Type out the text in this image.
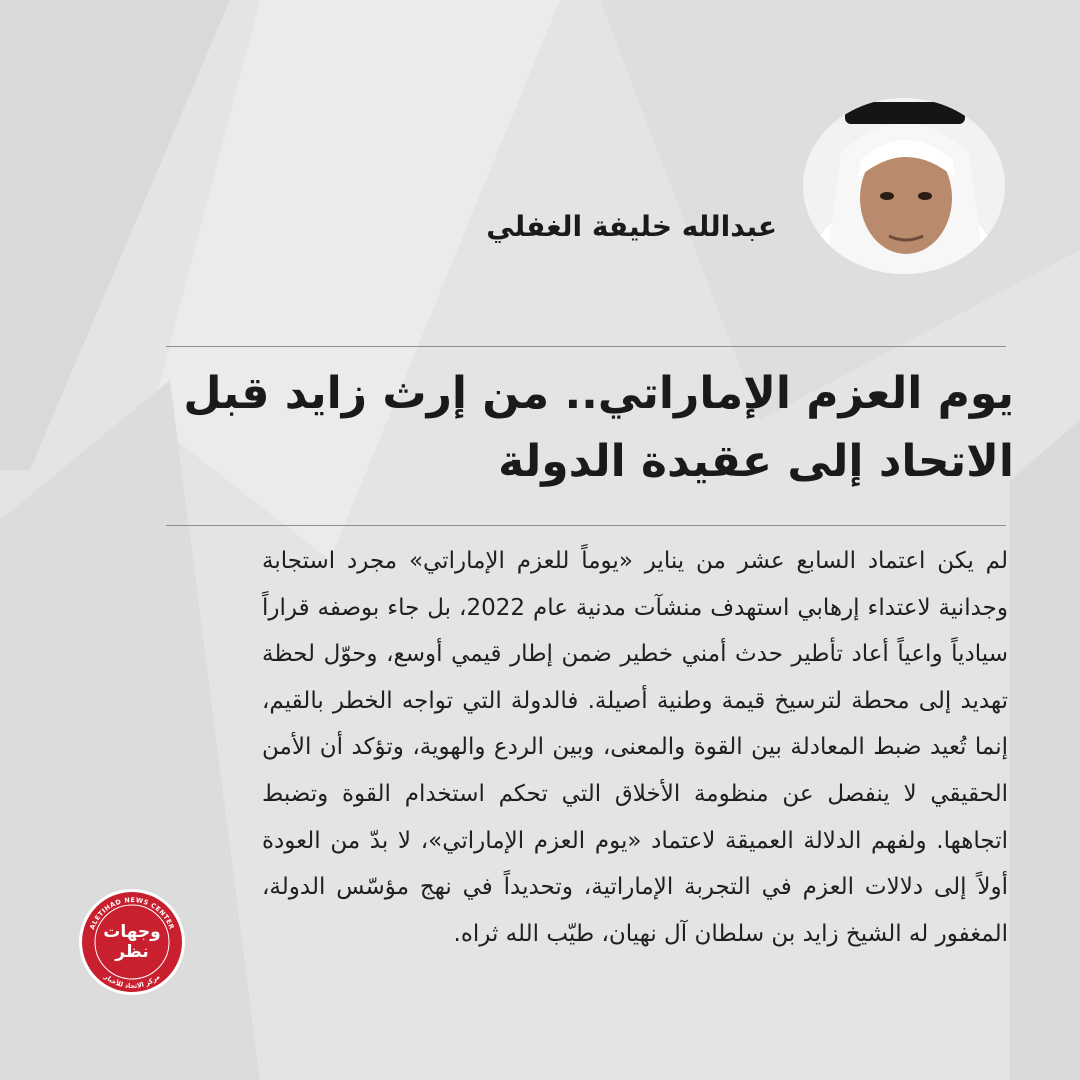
عبدالله خليفة الغفلي
يوم العزم الإماراتي.. من إرث زايد قبل الاتحاد إلى عقيدة الدولة

لم يكن اعتماد السابع عشر من يناير «يوماً للعزم الإماراتي» مجرد استجابة وجدانية لاعتداء إرهابي استهدف منشآت مدنية عام 2022، بل جاء بوصفه قراراً سيادياً واعياً أعاد تأطير حدث أمني خطير ضمن إطار قيمي أوسع، وحوّل لحظة تهديد إلى محطة لترسيخ قيمة وطنية أصيلة. فالدولة التي تواجه الخطر بالقيم، إنما تُعيد ضبط المعادلة بين القوة والمعنى، وبين الردع والهوية، وتؤكد أن الأمن الحقيقي لا ينفصل عن منظومة الأخلاق التي تحكم استخدام القوة وتضبط اتجاهها. ولفهم الدلالة العميقة لاعتماد «يوم العزم الإماراتي»، لا بدّ من العودة أولاً إلى دلالات العزم في التجربة الإماراتية، وتحديداً في نهج مؤسّس الدولة، المغفور له الشيخ زايد بن سلطان آل نهيان، طيّب الله ثراه.

ALETIHAD NEWS CENTER
مركز الاتحاد للأخبار
وجهات
نظر
